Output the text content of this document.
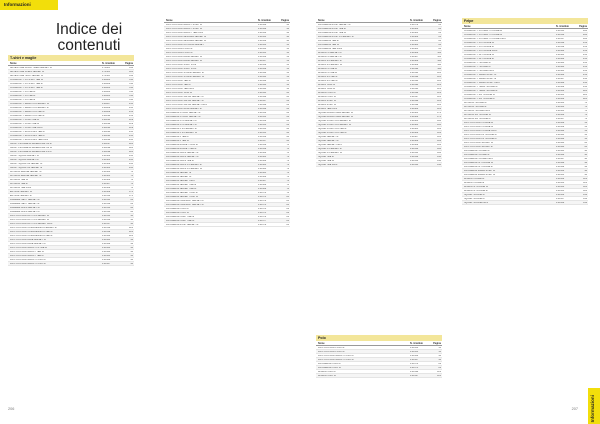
Informazioni
Indice dei contenuti
T-shirt e maglie
Nome	N. ricambio	Pagina
ADVENTURE GOOD TIMES JERSEY W	FT1481	192
ADVENTURE SHELL JERSEY W	FT1501	184
ADVENTURE TECH JERSEY W	FT1505	192
COMMUNITY LS SHIRT TEE W	PS1281	211
COMMUNITY LS SHIRT TEE M	PS1282	211
COMMUNITY LS SHIRT TEE M	PS1283	211
COMMUNITY LS TEE W	PS1284	211
COMMUNITY LS TEE W	PS1285	211
COMMUNITY LS TEE M	PS1286	211
COMMUNITY REACTION JERSEY W	PS1287	210
COMMUNITY REACTION JERSEY M	PS1288	210
COMMUNITY REACTION TEE W	PS1289	212
COMMUNITY REACTION TEE M	PS1290	212
COMMUNITY LOGO TEE W	PS1291	209
COMMUNITY LOGO TEE M	PS1292	209
COMMUNITY LOGO TEE KIDS	PS1293	209
COMMUNITY MOUNTAIN TEE W	PS1294	210
COMMUNITY MOUNTAIN TEE M	PS1295	210
COMMUNITY MOUNTAIN TEE KIDS	PS1296	210
CRAFT PROGRESS BASELAYER SS M	PS1297	228
CRAFT PROGRESS BASELAYER SS W	PS1298	228
CRAFT PROGRESS BASELAYER LS M	PS1299	228
CRAFT SQUAD JERSEY W	PS1300	230
CRAFT SQUAD JERSEY M	PS1301	230
CRAFT SQUAD SS JERSEY W	PS1302	230
CRAFT SQUAD SS JERSEY M	PS1303	230
DIVISION REFINE JERSEY W	PS1304	74
DIVISION REFINE JERSEY M	PS1305	74
DIVISION TEE W	PS1306	74
DIVISION TEE M	PS1307	74
DIVISION TEE KIDS	PS1308	74
ENTRAIL JERSEY W	PS1309	170
ENTRAIL JERSEY M	PS1310	170
PREMIER NEXT JERSEY W	PS1311	26
PREMIER NEXT JERSEY M	PS1312	26
PREMIER BOLD JERSEY W	PS1313	28
PREMIER BOLD JERSEY M	PS1314	28
PRO CONTROL BUTTON JERSEY W	PS1315	40
PRO CONTROL BUTTON JERSEY M	PS1316	40
PRO CONTROL BUTTON JERSEY KIDS	PS1317	40
PRO CONTROL COMPRESSION JERSEY M	PS1318	226
PRO CONTROL COMPRESSION TEE W	PS1319	226
PRO CONTROL COMPRESSION TEE M	PS1320	226
PRO CONTROL FADE JERSEY W	PS1321	42
PRO CONTROL FADE JERSEY M	PS1322	42
PRO CONTROL IMPACT LS TEE M	PS1323	44
PRO CONTROL IMPACT TEE W	PS1324	44
PRO CONTROL IMPACT TEE M	PS1325	44
PRO CONTROL IMPACT POLO M	PS1326	44
PRO CONTROL IMPACT POLO W	PS1327	44
Nome	N. ricambio	Pagina
PRO CONTROL IMPACT SHIRT M	PS1328	46
PRO CONTROL IMPACT SHIRT W	PS1329	46
PRO CONTROL IMPACT TEE KIDS	PS1330	46
PRO CONTROL NEW ERA JERSEY M	PS1331	48
PRO CONTROL NEW ERA JERSEY W	PS1332	48
PRO CONTROL OUTLAND JERSEY	PS1333	50
PRO CONTROL POLO M	PS1334	50
PRO CONTROL POLO W	PS1335	50
PRO CONTROL RACE JERSEY W	PS1336	52
PRO CONTROL RACE JERSEY M	PS1337	52
PRO CONTROL SHIRT LS M	PS1338	54
PRO CONTROL SHIRT LS W	PS1339	54
PRO CONTROL STRIPE JERSEY M	PS1340	54
PRO CONTROL STRIPE JERSEY W	PS1341	56
PRO CONTROL TEE W	PS1342	56
PRO CONTROL TEE M	PS1343	58
PRO CONTROL TEE KIDS	PS1344	58
PRO CONTROL TANK W	PS1345	60
PRO CONTROL VAPOR JERSEY M	PS1346	60
PRO CONTROL VAPOR JERSEY W	PS1347	62
PRO CONTROL VAPOR JERSEY KIDS	PS1348	62
PRO CONTROL WIND JERSEY M	PS1349	64
PROGRESS 2 LOGO JERSEY M	PS1350	66
PROGRESS 2 LOGO JERSEY W	PS1351	66
PROGRESS 2 LS JERSEY M	PS1352	66
PROGRESS 2 LS JERSEY W	PS1353	66
PROGRESS 2 SS JERSEY M	PS1354	68
PROGRESS 2 SS JERSEY W	PS1355	68
PROGRESS 2 TEE M	PS1356	68
PROGRESS 2 TEE W	PS1357	68
PROGRESS BASKET TANK M	PS1358	70
PROGRESS BASKET TEE M	PS1359	70
PROGRESS GILLS JERSEY M	PS1360	70
PROGRESS GILLS JERSEY W	PS1361	72
PROGRESS GILLS TEE M	PS1362	72
PROGRESS GILLS LS JERSEY M	PS1363	72
PROGRESS GILLS LS JERSEY W	PS1364	72
PROGRESS JERSEY M	PS1365	76
PROGRESS JERSEY W	PS1366	76
PROGRESS JERSEY KIDS	PS1367	76
PROGRESS JERSEY TEE M	PS1368	78
PROGRESS JERSEY TEE W	PS1369	78
PROGRESS JERSEY TANK M	PS1370	78
PROGRESS JERSEY TANK W	PS1371	80
PROGRESS LUMINANT JERSEY M	PS1372	80
PROGRESS LUMINANT JERSEY W	PS1373	80
PROGRESS POLO M	PS1374	82
PROGRESS POLO W	PS1375	82
PROGRESS PRINT TEE M	PS1376	82
PROGRESS PRINT TEE W	PS1377	84
PROGRESS RUSH JERSEY M	PS1378	84
Nome	N. ricambio	Pagina
PROGRESS RUSH JERSEY W	PS1379	84
PROGRESS RUSH TEE M	PS1380	86
PROGRESS RUSH TEE W	PS1381	86
PROGRESS RUSH LS JERSEY M	PS1382	86
PROGRESS TEE M	PS1383	88
PROGRESS TEE W	PS1384	88
PROGRESS TEE KIDS	PS1385	88
RISING LS JERSEY M	PS1386	116
RISING LS JERSEY W	PS1387	116
RISING SS JERSEY M	PS1388	118
RISING SS JERSEY W	PS1389	118
RISING LS TEE M	PS1390	118
RISING LS TEE W	PS1391	120
RISING SS TEE M	PS1392	120
RISING SS TEE W	PS1393	120
RISING TANK M	PS1394	122
RISING TANK W	PS1395	122
RISING POLO M	PS1396	122
RISING POLO W	PS1397	124
RISING SHIRT M	PS1398	124
RISING SHIRT W	PS1399	124
RISING TEE KIDS	PS1400	126
SQUAD ADVENTURE JERSEY M	PS1401	178
SQUAD ADVENTURE JERSEY W	PS1402	178
SQUAD FUNCTION JERSEY M	PS1403	180
SQUAD FUNCTION JERSEY W	PS1404	180
SQUAD FUNCTION TEE M	PS1405	182
SQUAD FUNCTION TEE W	PS1406	182
SQUAD JERSEY M	PS1407	186
SQUAD JERSEY W	PS1408	186
SQUAD JERSEY KIDS	PS1409	186
SQUAD LS JERSEY M	PS1410	188
SQUAD LS JERSEY W	PS1411	188
SQUAD TEE M	PS1412	190
SQUAD TEE W	PS1413	190
SQUAD TEE KIDS	PS1414	190
Polo
Nome	N. ricambio	Pagina
PRO CONTROL POLO M	PS1334	50
PRO CONTROL POLO W	PS1335	50
PRO CONTROL IMPACT POLO M	PS1326	44
PRO CONTROL IMPACT POLO W	PS1327	44
PROGRESS POLO M	PS1374	82
PROGRESS POLO W	PS1375	82
RISING POLO M	PS1396	122
RISING POLO W	PS1397	124
Felpe
Nome	N. ricambio	Pagina
COMMUNITY LS CRAFT HOODIE W	PS1415	208
COMMUNITY LS CRAFT HOODIE M	PS1416	208
COMMUNITY LS CRAFT HOODIE KIDS	PS1417	208
COMMUNITY LS HOODIE W	PS1418	212
COMMUNITY LS HOODIE M	PS1419	212
COMMUNITY LS HOODIE KIDS	PS1420	212
COMMUNITY FZ HOODIE W	PS1421	214
COMMUNITY FZ HOODIE M	PS1422	214
COMMUNITY HOODIE W	PS1423	214
COMMUNITY HOODIE M	PS1424	216
COMMUNITY HOODIE KIDS	PS1425	216
COMMUNITY SWEATSHIRT W	PS1426	216
COMMUNITY SWEATSHIRT M	PS1427	218
COMMUNITY SWEATSHIRT KIDS	PS1428	218
COMMUNITY TEAM HOODIE W	PS1429	218
COMMUNITY TEAM HOODIE M	PS1430	220
COMMUNITY ZIP HOODIE W	PS1431	220
COMMUNITY ZIP HOODIE M	PS1432	220
DIVISION HOODIE W	PS1433	74
DIVISION HOODIE M	PS1434	74
DIVISION HOODIE KIDS	PS1435	74
DIVISION ZIP HOODIE W	PS1436	76
DIVISION ZIP HOODIE M	PS1437	76
PRO CONTROL HOODIE W	PS1438	56
PRO CONTROL HOODIE M	PS1439	56
PRO CONTROL HOODIE KIDS	PS1440	56
PRO CONTROL FZ HOODIE W	PS1441	58
PRO CONTROL FZ HOODIE M	PS1442	58
PRO CONTROL JACKET W	PS1443	60
PRO CONTROL JACKET M	PS1444	60
PROGRESS HOODIE W	PS1445	90
PROGRESS HOODIE M	PS1446	90
PROGRESS HOODIE KIDS	PS1447	90
PROGRESS FZ HOODIE W	PS1448	92
PROGRESS FZ HOODIE M	PS1449	92
PROGRESS SWEATSHIRT W	PS1450	94
PROGRESS SWEATSHIRT M	PS1451	94
RISING HOODIE W	PS1452	126
RISING HOODIE M	PS1453	126
RISING FZ HOODIE W	PS1454	128
RISING FZ HOODIE M	PS1455	128
SQUAD HOODIE W	PS1456	192
SQUAD HOODIE M	PS1457	192
SQUAD HOODIE KIDS	PS1458	192
206	207	Informazioni
